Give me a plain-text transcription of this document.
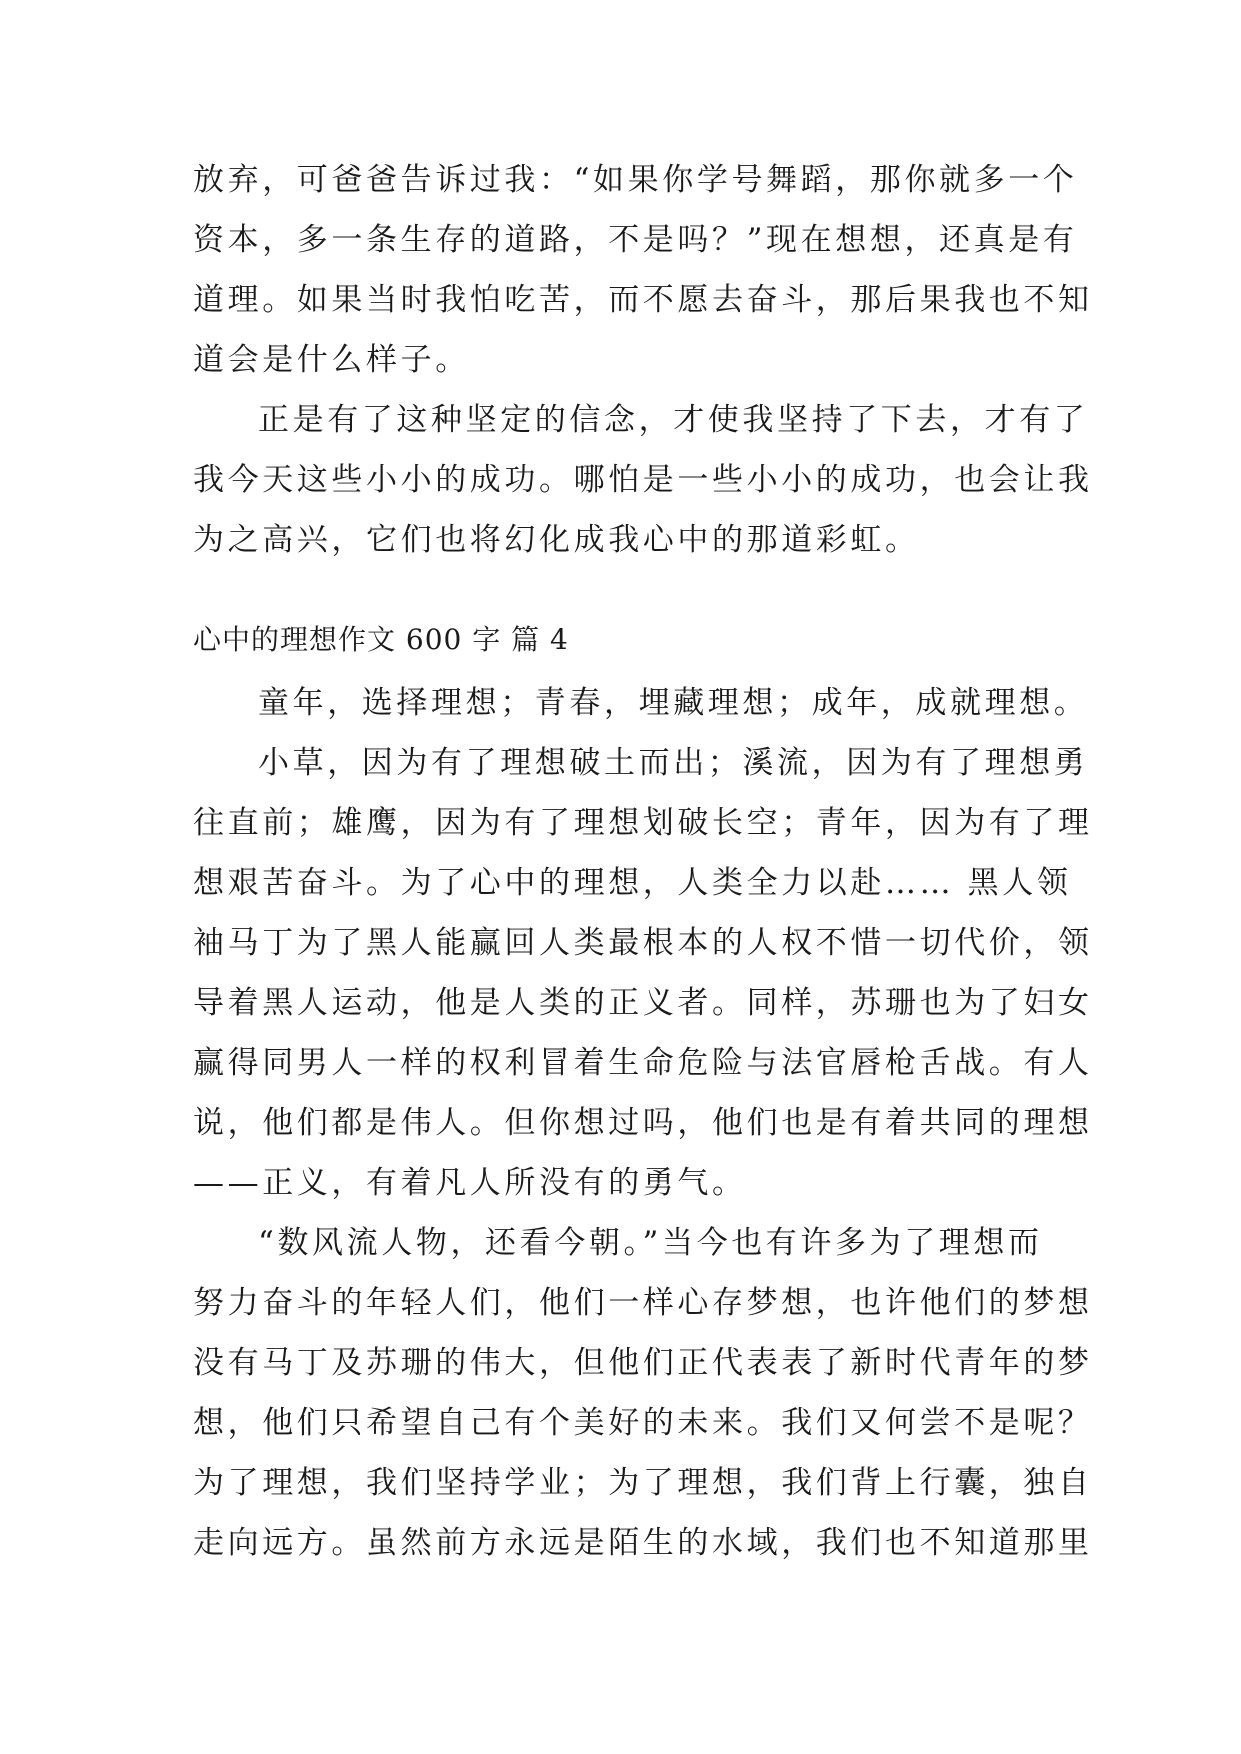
放弃，可爸爸告诉过我：“如果你学号舞蹈，那你就多一个
资本，多一条生存的道路，不是吗？”现在想想，还真是有
道理。如果当时我怕吃苦，而不愿去奋斗，那后果我也不知
道会是什么样子。
正是有了这种坚定的信念，才使我坚持了下去，才有了
我今天这些小小的成功。哪怕是一些小小的成功，也会让我
为之高兴，它们也将幻化成我心中的那道彩虹。
心中的理想作文 600 字 篇 4
童年，选择理想；青春，埋藏理想；成年，成就理想。
小草，因为有了理想破土而出；溪流，因为有了理想勇
往直前；雄鹰，因为有了理想划破长空；青年，因为有了理
想艰苦奋斗。为了心中的理想，人类全力以赴…… 黑人领
袖马丁为了黑人能赢回人类最根本的人权不惜一切代价，领
导着黑人运动，他是人类的正义者。同样，苏珊也为了妇女
赢得同男人一样的权利冒着生命危险与法官唇枪舌战。有人
说，他们都是伟人。但你想过吗，他们也是有着共同的理想
——正义，有着凡人所没有的勇气。
“数风流人物，还看今朝。”当今也有许多为了理想而
努力奋斗的年轻人们，他们一样心存梦想，也许他们的梦想
没有马丁及苏珊的伟大，但他们正代表表了新时代青年的梦
想，他们只希望自己有个美好的未来。我们又何尝不是呢？
为了理想，我们坚持学业；为了理想，我们背上行囊，独自
走向远方。虽然前方永远是陌生的水域，我们也不知道那里
